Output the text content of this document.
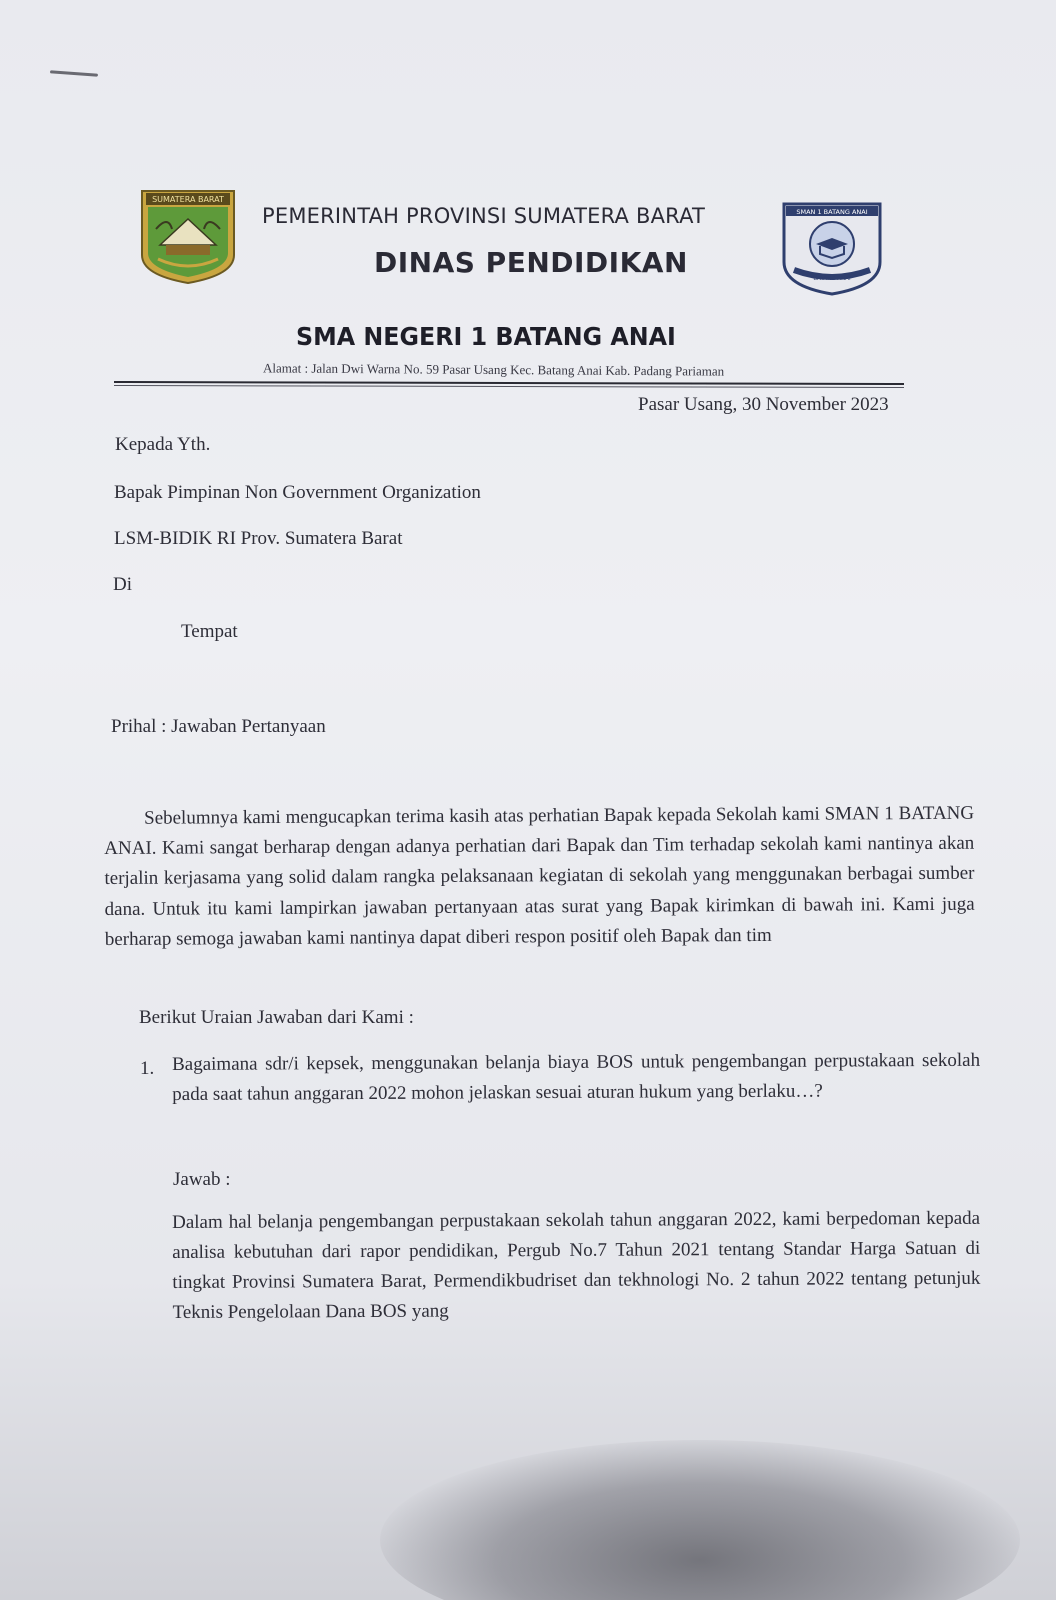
SUMATERA BARAT
SMAN 1 BATANG ANAI
BATANG ANAI
PEMERINTAH PROVINSI SUMATERA BARAT
DINAS PENDIDIKAN
SMA NEGERI 1 BATANG ANAI
Alamat : Jalan Dwi Warna No. 59 Pasar Usang Kec. Batang Anai Kab. Padang Pariaman
Pasar Usang, 30 November 2023
Kepada Yth.
Bapak Pimpinan Non Government Organization
LSM-BIDIK RI Prov. Sumatera Barat
Di
Tempat
Prihal : Jawaban Pertanyaan

Sebelumnya kami mengucapkan terima kasih atas perhatian Bapak kepada Sekolah kami SMAN 1 BATANG ANAI. Kami sangat berharap dengan adanya perhatian dari Bapak dan Tim terhadap sekolah kami nantinya akan terjalin kerjasama yang solid dalam rangka pelaksanaan kegiatan di sekolah yang menggunakan berbagai sumber dana. Untuk itu kami lampirkan jawaban pertanyaan atas surat yang Bapak kirimkan di bawah ini. Kami juga berharap semoga jawaban kami nantinya dapat diberi respon positif oleh Bapak dan tim

Berikut Uraian Jawaban dari Kami :
1. Bagaimana sdr/i kepsek, menggunakan belanja biaya BOS untuk pengembangan perpustakaan sekolah pada saat tahun anggaran 2022 mohon jelaskan sesuai aturan hukum yang berlaku…?

Jawab :

Dalam hal belanja pengembangan perpustakaan sekolah tahun anggaran 2022, kami berpedoman kepada analisa kebutuhan dari rapor pendidikan, Pergub No.7 Tahun 2021 tentang Standar Harga Satuan di tingkat Provinsi Sumatera Barat, Permendikbudriset dan tekhnologi No. 2 tahun 2022 tentang petunjuk Teknis Pengelolaan Dana BOS yang
